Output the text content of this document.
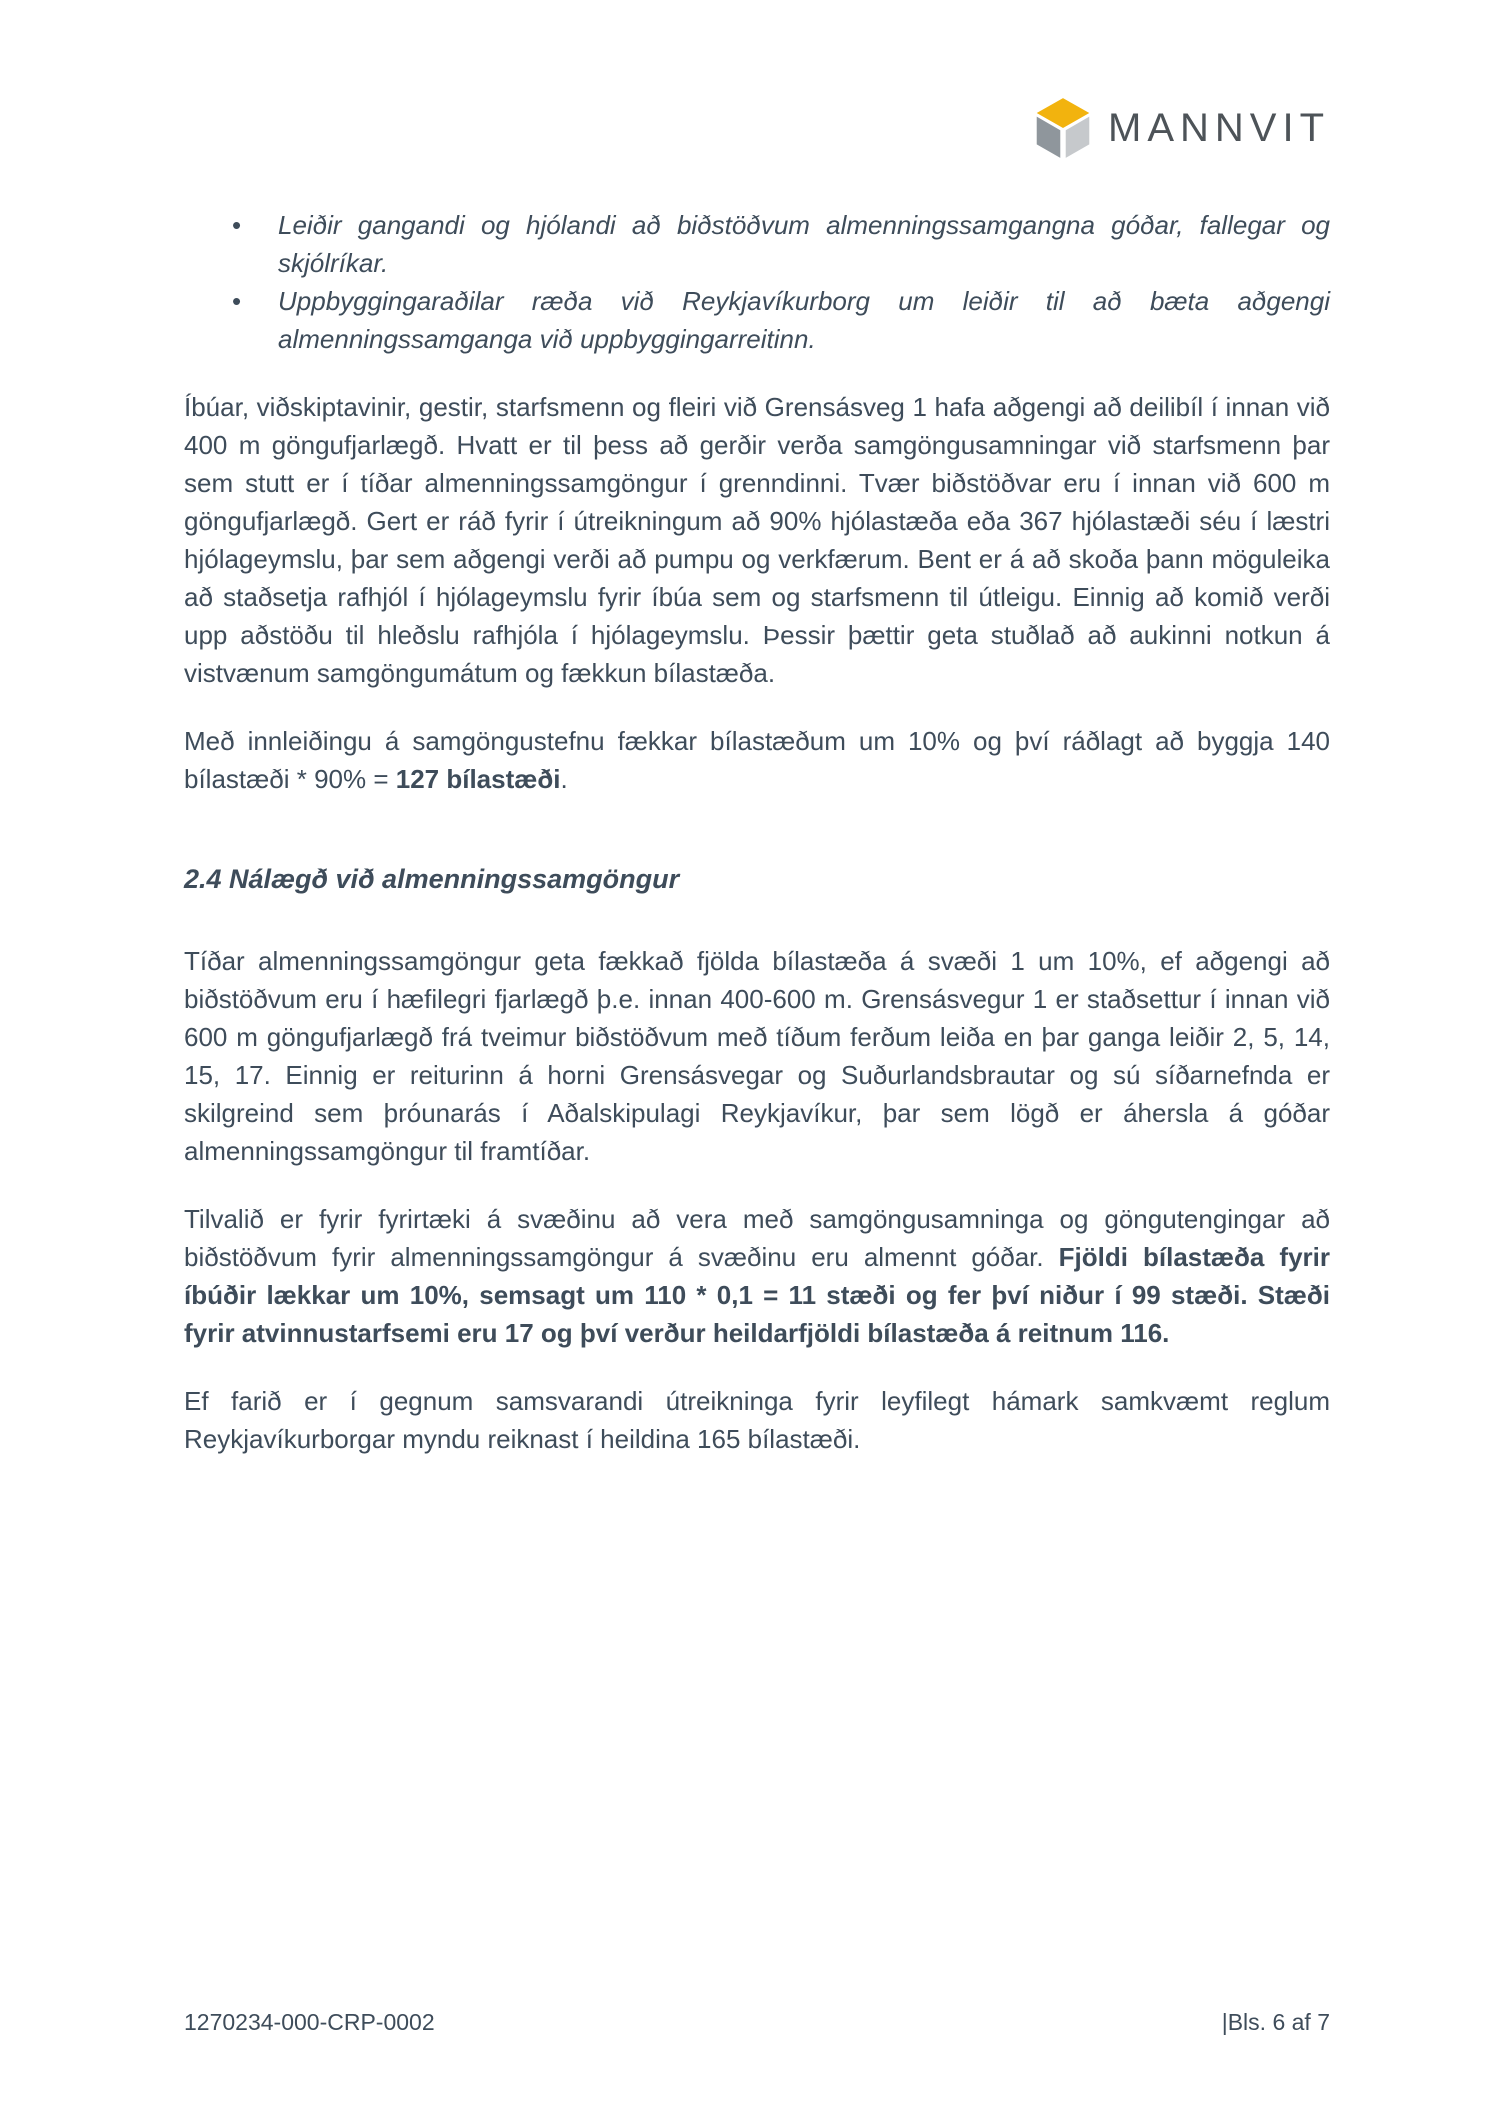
MANNVIT
• Leiðir gangandi og hjólandi að biðstöðvum almenningssamgangna góðar, fallegar og skjólríkar.
• Uppbyggingaraðilar ræða við Reykjavíkurborg um leiðir til að bæta aðgengi almenningssamganga við uppbyggingarreitinn.

Íbúar, viðskiptavinir, gestir, starfsmenn og fleiri við Grensásveg 1 hafa aðgengi að deilibíl í innan við 400 m göngufjarlægð. Hvatt er til þess að gerðir verða samgöngusamningar við starfsmenn þar sem stutt er í tíðar almenningssamgöngur í grenndinni. Tvær biðstöðvar eru í innan við 600 m göngufjarlægð. Gert er ráð fyrir í útreikningum að 90% hjólastæða eða 367 hjólastæði séu í læstri hjólageymslu, þar sem aðgengi verði að pumpu og verkfærum. Bent er á að skoða þann möguleika að staðsetja rafhjól í hjólageymslu fyrir íbúa sem og starfsmenn til útleigu. Einnig að komið verði upp aðstöðu til hleðslu rafhjóla í hjólageymslu. Þessir þættir geta stuðlað að aukinni notkun á vistvænum samgöngumátum og fækkun bílastæða.

Með innleiðingu á samgöngustefnu fækkar bílastæðum um 10% og því ráðlagt að byggja 140 bílastæði * 90% = 127 bílastæði.

2.4 Nálægð við almenningssamgöngur

Tíðar almenningssamgöngur geta fækkað fjölda bílastæða á svæði 1 um 10%, ef aðgengi að biðstöðvum eru í hæfilegri fjarlægð þ.e. innan 400-600 m. Grensásvegur 1 er staðsettur í innan við 600 m göngufjarlægð frá tveimur biðstöðvum með tíðum ferðum leiða en þar ganga leiðir 2, 5, 14, 15, 17. Einnig er reiturinn á horni Grensásvegar og Suðurlandsbrautar og sú síðarnefnda er skilgreind sem þróunarás í Aðalskipulagi Reykjavíkur, þar sem lögð er áhersla á góðar almenningssamgöngur til framtíðar.

Tilvalið er fyrir fyrirtæki á svæðinu að vera með samgöngusamninga og göngutengingar að biðstöðvum fyrir almenningssamgöngur á svæðinu eru almennt góðar. Fjöldi bílastæða fyrir íbúðir lækkar um 10%, semsagt um 110 * 0,1 = 11 stæði og fer því niður í 99 stæði. Stæði fyrir atvinnustarfsemi eru 17 og því verður heildarfjöldi bílastæða á reitnum 116.

Ef farið er í gegnum samsvarandi útreikninga fyrir leyfilegt hámark samkvæmt reglum Reykjavíkurborgar myndu reiknast í heildina 165 bílastæði.

1270234-000-CRP-0002	|Bls. 6 af 7
